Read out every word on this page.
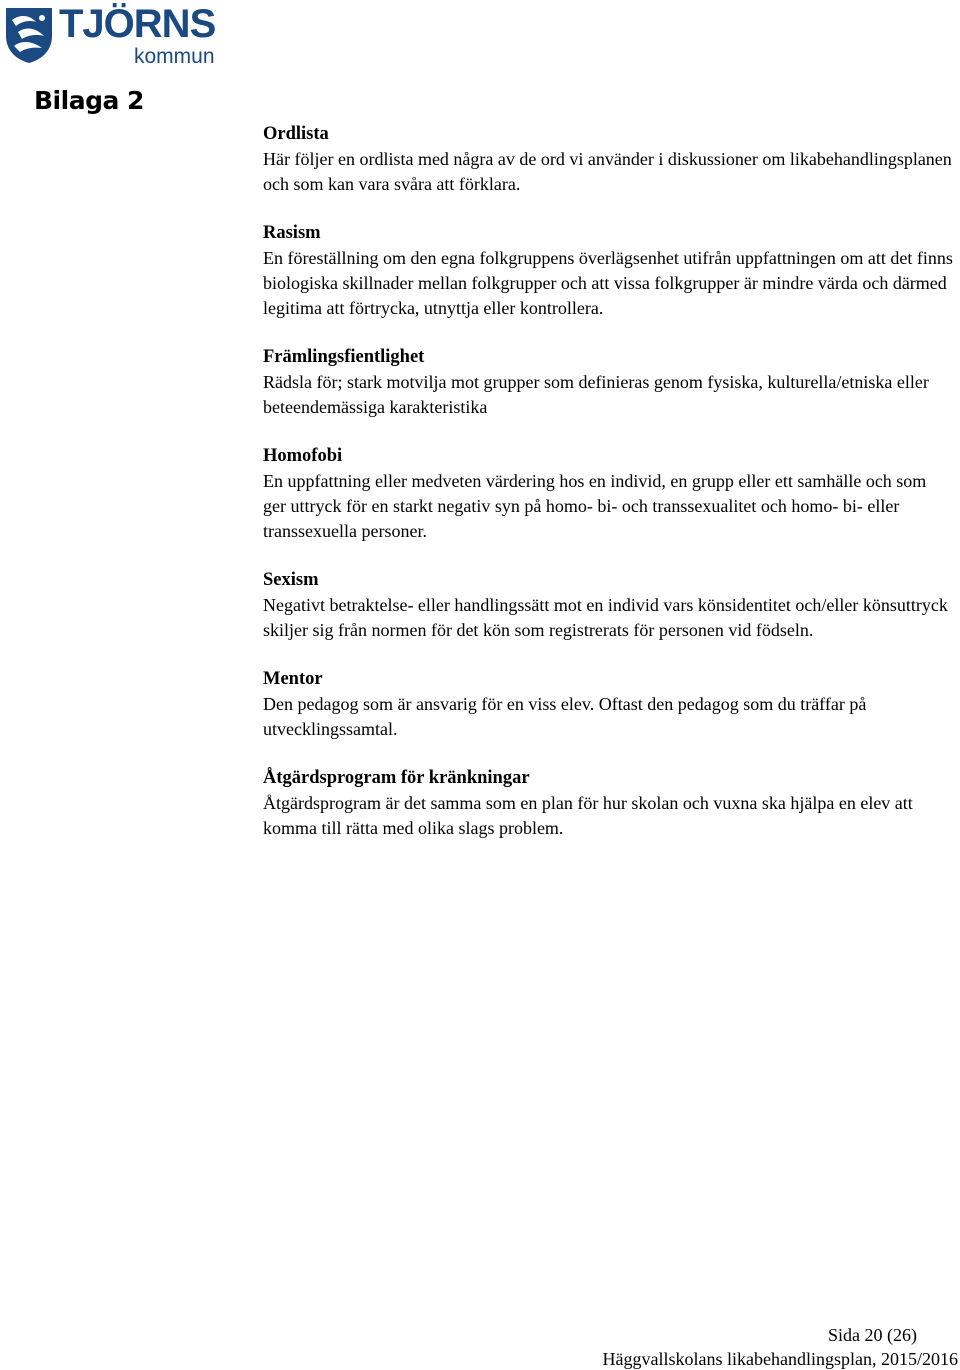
TJÖRNS
kommun
Bilaga 2

Ordlista

Här följer en ordlista med några av de ord vi använder i diskussioner om likabehandlingsplanen och som kan vara svåra att förklara.

Rasism

En föreställning om den egna folkgruppens överlägsenhet utifrån uppfattningen om att det finns biologiska skillnader mellan folkgrupper och att vissa folkgrupper är mindre värda och därmed legitima att förtrycka, utnyttja eller kontrollera.

Främlingsfientlighet

Rädsla för; stark motvilja mot grupper som definieras genom fysiska, kulturella/etniska eller beteendemässiga karakteristika

Homofobi

En uppfattning eller medveten värdering hos en individ, en grupp eller ett samhälle och som ger uttryck för en starkt negativ syn på homo- bi- och transsexualitet och homo- bi- eller transsexuella personer.

Sexism

Negativt betraktelse- eller handlingssätt mot en individ vars könsidentitet och/eller könsuttryck skiljer sig från normen för det kön som registrerats för personen vid födseln.

Mentor

Den pedagog som är ansvarig för en viss elev. Oftast den pedagog som du träffar på utvecklingssamtal.

Åtgärdsprogram för kränkningar

Åtgärdsprogram är det samma som en plan för hur skolan och vuxna ska hjälpa en elev att komma till rätta med olika slags problem.

Sida 20 (26)
Häggvallskolans likabehandlingsplan, 2015/2016
